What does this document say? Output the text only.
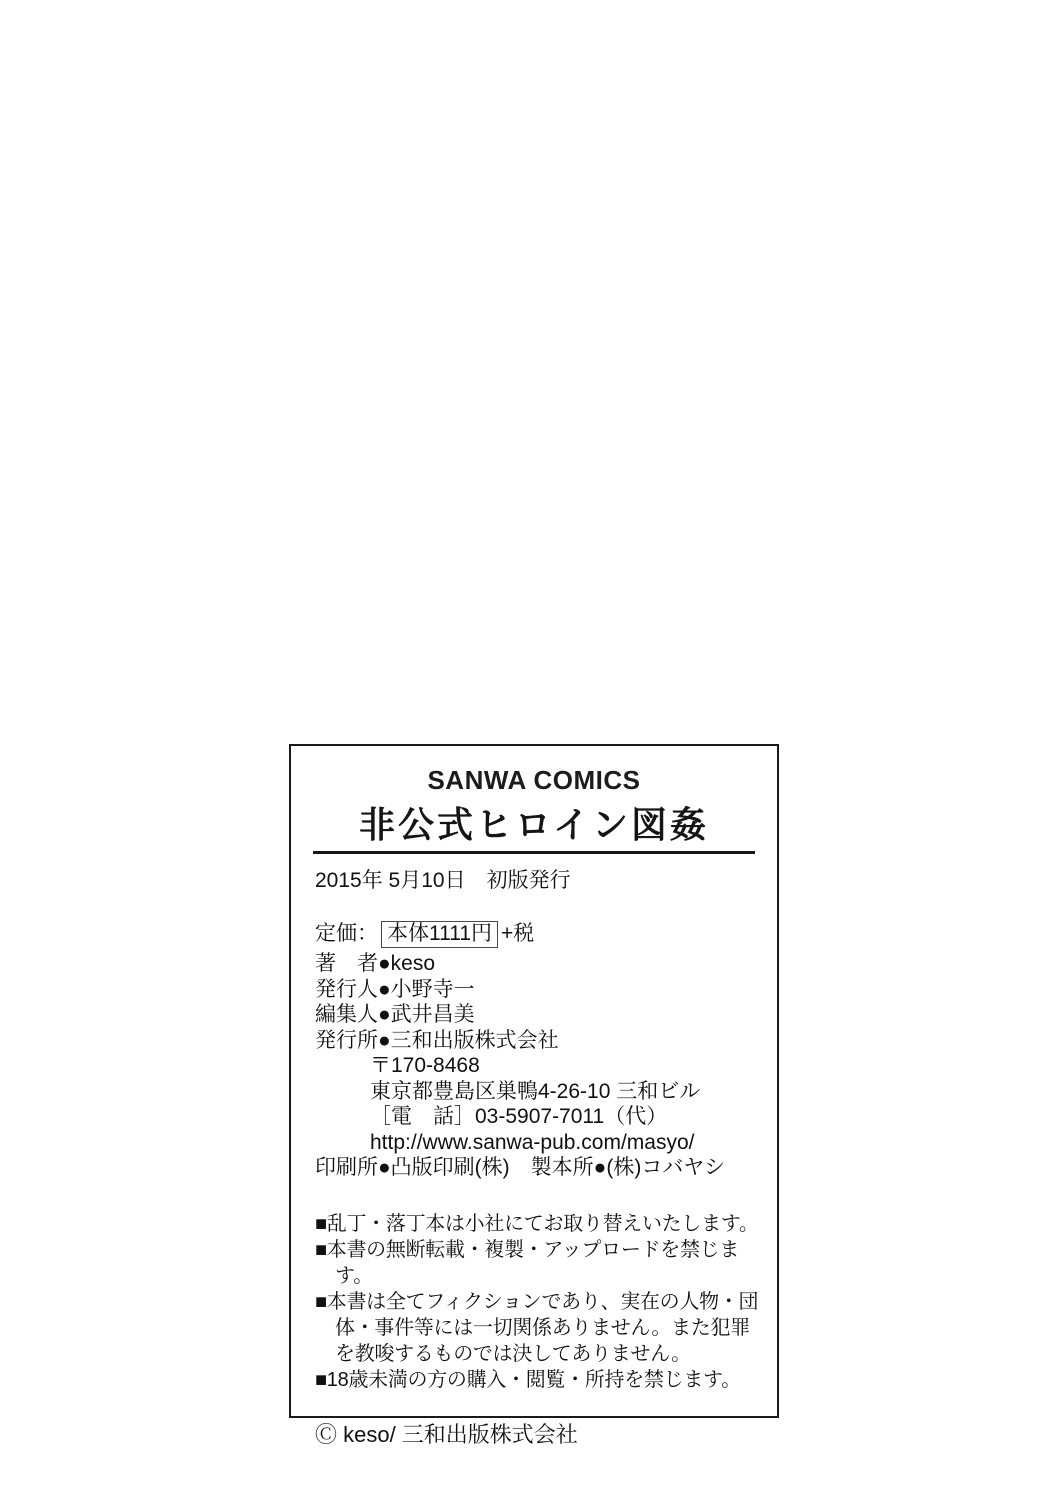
SANWA COMICS
非公式ヒロイン図姦
2015年 5月10日　初版発行
定価： 本体1111円 +税
著　者●keso
発行人●小野寺一
編集人●武井昌美
発行所●三和出版株式会社
〒170-8468
東京都豊島区巣鴨4-26-10 三和ビル
［電　話］03-5907-7011（代）
http://www.sanwa-pub.com/masyo/
印刷所●凸版印刷(株)　製本所●(株)コバヤシ

■乱丁・落丁本は小社にてお取り替えいたします。

■本書の無断転載・複製・アップロードを禁じます。

■本書は全てフィクションであり、実在の人物・団体・事件等には一切関係ありません。また犯罪を教唆するものでは決してありません。

■18歳未満の方の購入・閲覧・所持を禁じます。

Ⓒ keso/ 三和出版株式会社
